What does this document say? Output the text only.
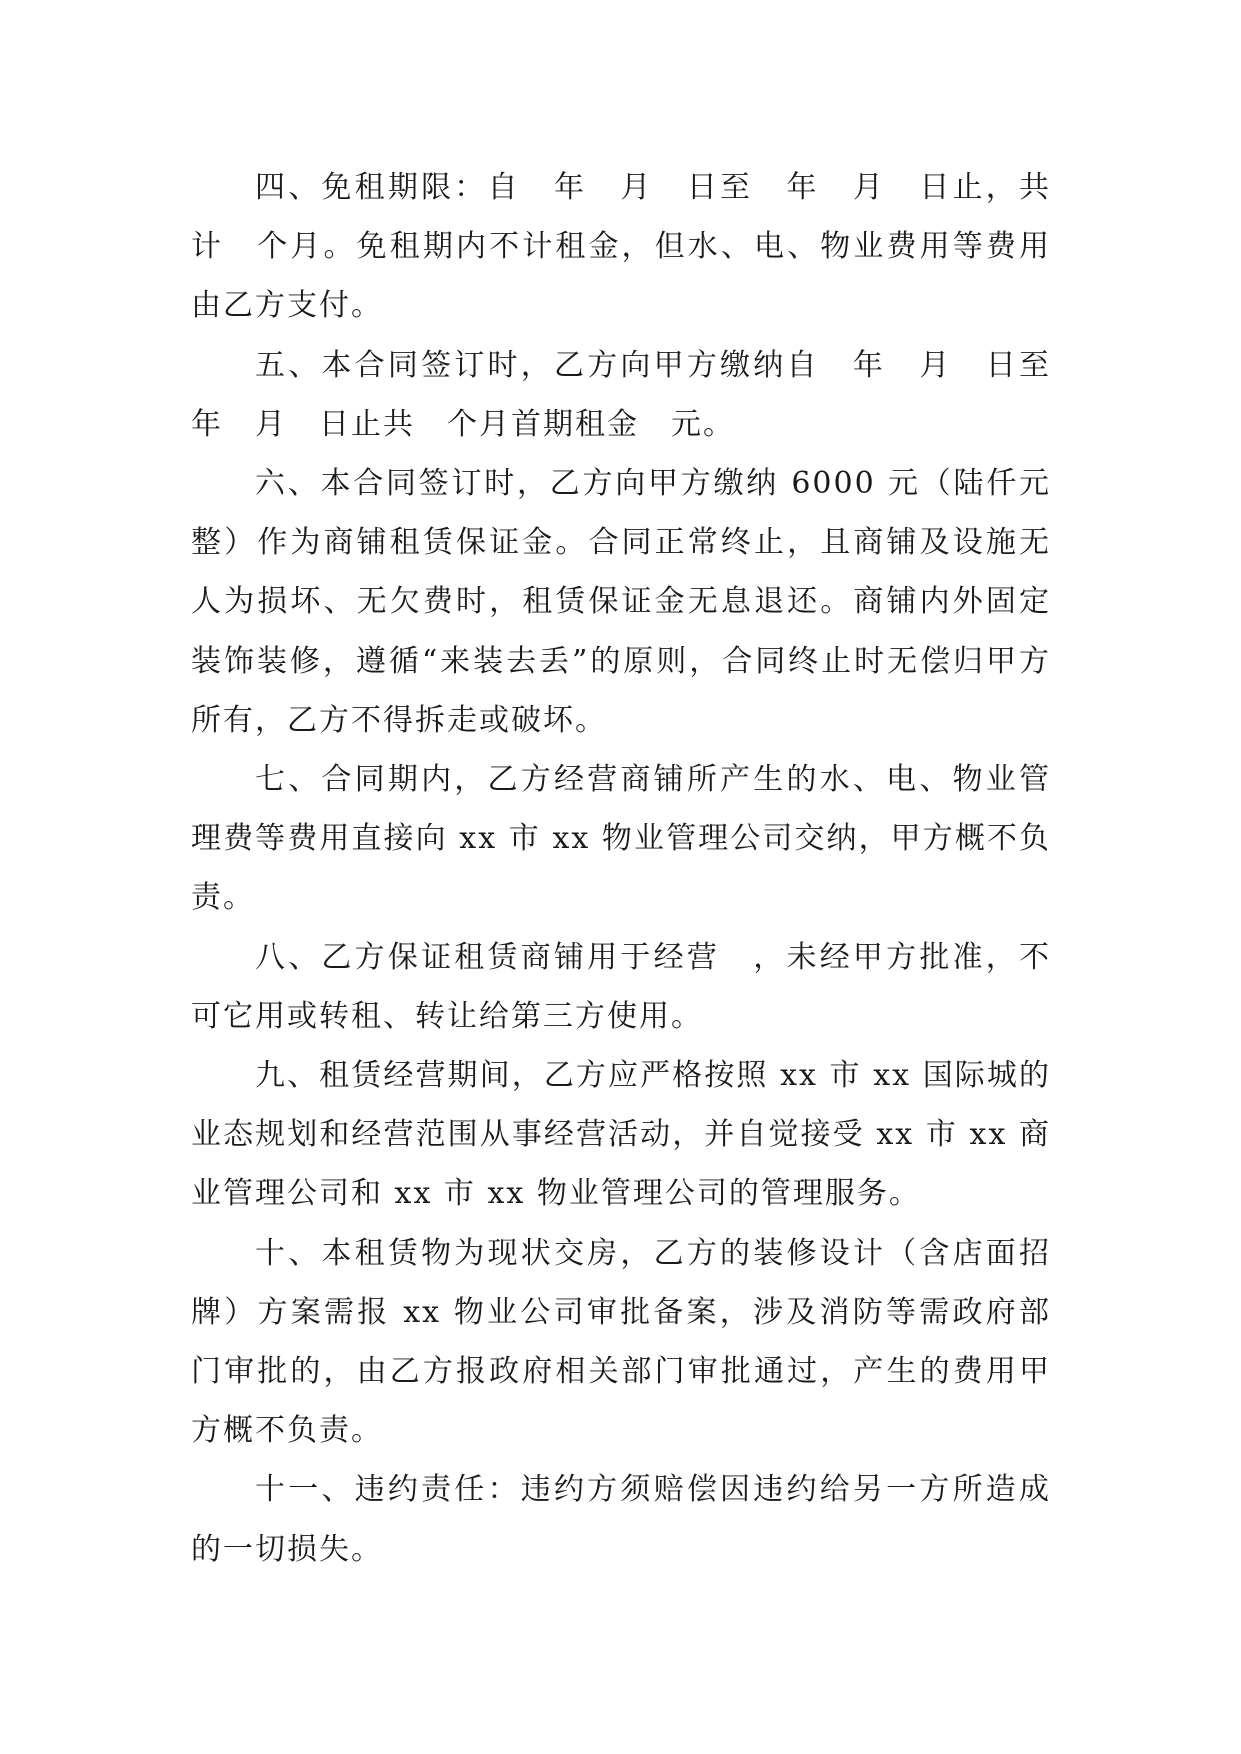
四、免租期限：自　年　月　日至　年　月　日止，共计　个月。免租期内不计租金，但水、电、物业费用等费用由乙方支付。

五、本合同签订时，乙方向甲方缴纳自　年　月　日至　年　月　日止共　个月首期租金　元。

六、本合同签订时，乙方向甲方缴纳 6000 元（陆仟元整）作为商铺租赁保证金。合同正常终止，且商铺及设施无人为损坏、无欠费时，租赁保证金无息退还。商铺内外固定装饰装修，遵循“来装去丢”的原则，合同终止时无偿归甲方所有，乙方不得拆走或破坏。

七、合同期内，乙方经营商铺所产生的水、电、物业管理费等费用直接向 xx 市 xx 物业管理公司交纳，甲方概不负责。

八、乙方保证租赁商铺用于经营　，未经甲方批准，不可它用或转租、转让给第三方使用。

九、租赁经营期间，乙方应严格按照 xx 市 xx 国际城的业态规划和经营范围从事经营活动，并自觉接受 xx 市 xx 商业管理公司和 xx 市 xx 物业管理公司的管理服务。

十、本租赁物为现状交房，乙方的装修设计（含店面招牌）方案需报 xx 物业公司审批备案，涉及消防等需政府部门审批的，由乙方报政府相关部门审批通过，产生的费用甲方概不负责。

十一、违约责任：违约方须赔偿因违约给另一方所造成的一切损失。
